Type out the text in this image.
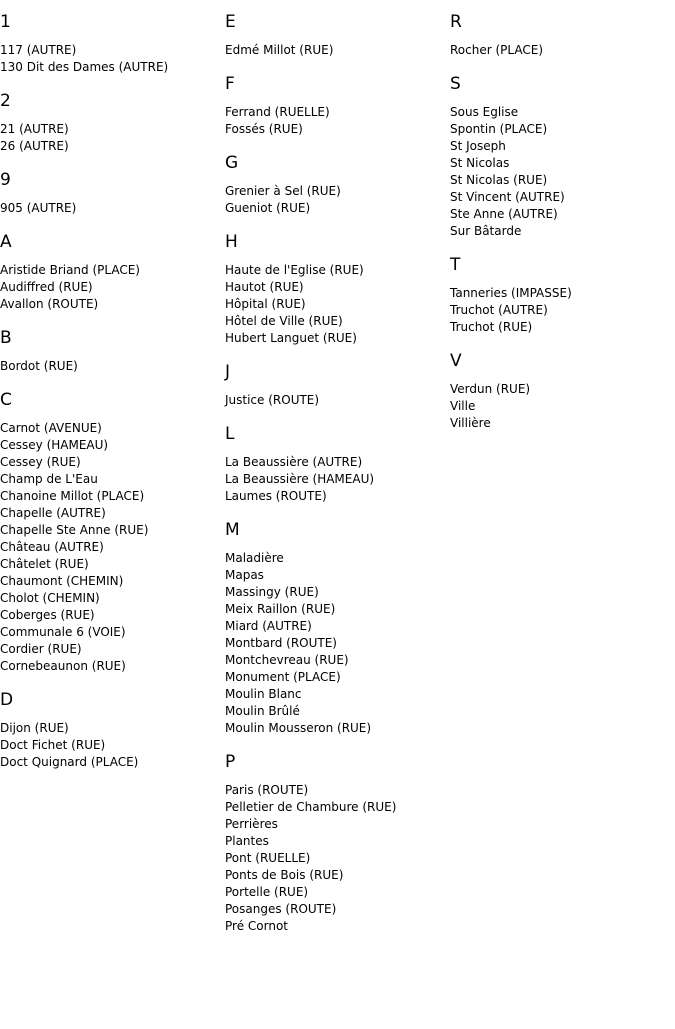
1
117 (AUTRE)
130 Dit des Dames (AUTRE)
2
21 (AUTRE)
26 (AUTRE)
9
905 (AUTRE)
A
Aristide Briand (PLACE)
Audiffred (RUE)
Avallon (ROUTE)
B
Bordot (RUE)
C
Carnot (AVENUE)
Cessey (HAMEAU)
Cessey (RUE)
Champ de L'Eau
Chanoine Millot (PLACE)
Chapelle (AUTRE)
Chapelle Ste Anne (RUE)
Château (AUTRE)
Châtelet (RUE)
Chaumont (CHEMIN)
Cholot (CHEMIN)
Coberges (RUE)
Communale 6 (VOIE)
Cordier (RUE)
Cornebeaunon (RUE)
D
Dijon (RUE)
Doct Fichet (RUE)
Doct Quignard (PLACE)
E
Edmé Millot (RUE)
F
Ferrand (RUELLE)
Fossés (RUE)
G
Grenier à Sel (RUE)
Gueniot (RUE)
H
Haute de l'Eglise (RUE)
Hautot (RUE)
Hôpital (RUE)
Hôtel de Ville (RUE)
Hubert Languet (RUE)
J
Justice (ROUTE)
L
La Beaussière (AUTRE)
La Beaussière (HAMEAU)
Laumes (ROUTE)
M
Maladière
Mapas
Massingy (RUE)
Meix Raillon (RUE)
Miard (AUTRE)
Montbard (ROUTE)
Montchevreau (RUE)
Monument (PLACE)
Moulin Blanc
Moulin Brûlé
Moulin Mousseron (RUE)
P
Paris (ROUTE)
Pelletier de Chambure (RUE)
Perrières
Plantes
Pont (RUELLE)
Ponts de Bois (RUE)
Portelle (RUE)
Posanges (ROUTE)
Pré Cornot
R
Rocher (PLACE)
S
Sous Eglise
Spontin (PLACE)
St Joseph
St Nicolas
St Nicolas (RUE)
St Vincent (AUTRE)
Ste Anne (AUTRE)
Sur Bâtarde
T
Tanneries (IMPASSE)
Truchot (AUTRE)
Truchot (RUE)
V
Verdun (RUE)
Ville
Villière
